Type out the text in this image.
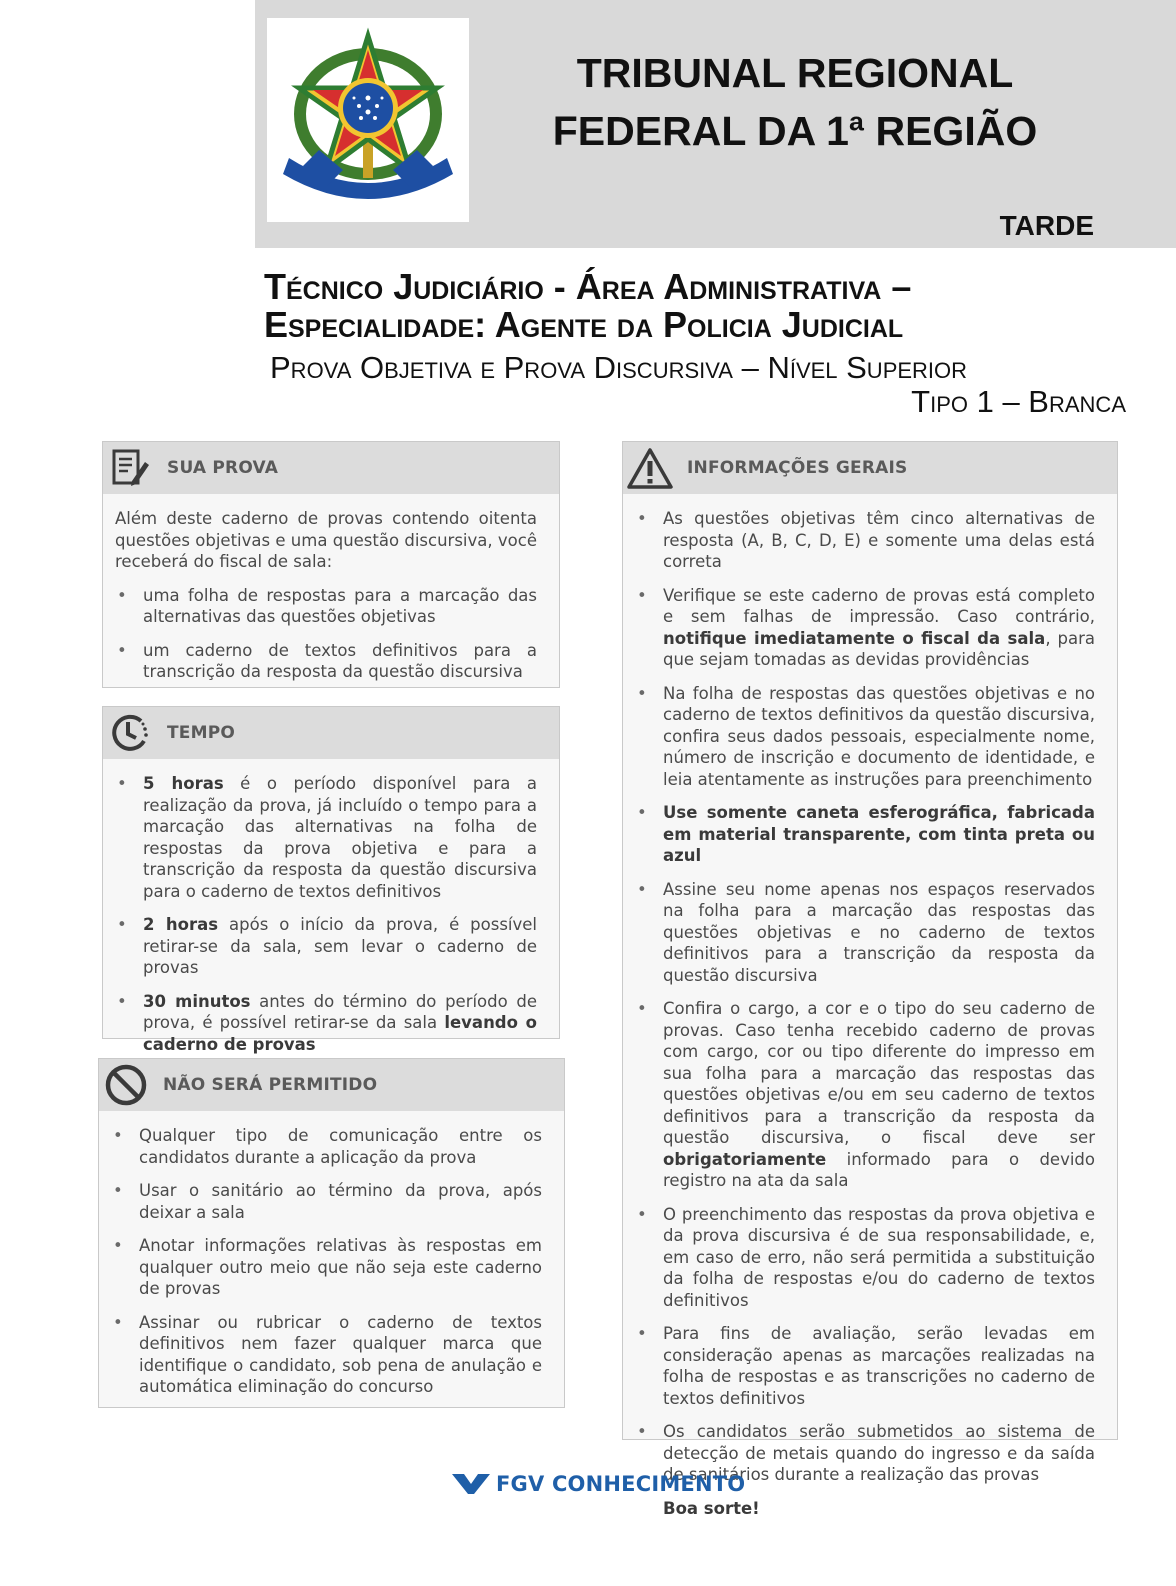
TRIBUNAL REGIONAL
FEDERAL DA 1ª REGIÃO
TARDE
Técnico Judiciário - Área Administrativa –
Especialidade: Agente da Policia Judicial
Prova Objetiva e Prova Discursiva – Nível Superior
Tipo 1 – Branca
SUA PROVA

Além deste caderno de provas contendo oitenta questões objetivas e uma questão discursiva, você receberá do fiscal de sala:

• uma folha de respostas para a marcação das alternativas das questões objetivas
• um caderno de textos definitivos para a transcrição da resposta da questão discursiva
TEMPO
• 5 horas é o período disponível para a realização da prova, já incluído o tempo para a marcação das alternativas na folha de respostas da prova objetiva e para a transcrição da resposta da questão discursiva para o caderno de textos definitivos
• 2 horas após o início da prova, é possível retirar-se da sala, sem levar o caderno de provas
• 30 minutos antes do término do período de prova, é possível retirar-se da sala levando o caderno de provas
NÃO SERÁ PERMITIDO
• Qualquer tipo de comunicação entre os candidatos durante a aplicação da prova
• Usar o sanitário ao término da prova, após deixar a sala
• Anotar informações relativas às respostas em qualquer outro meio que não seja este caderno de provas
• Assinar ou rubricar o caderno de textos definitivos nem fazer qualquer marca que identifique o candidato, sob pena de anulação e automática eliminação do concurso
INFORMAÇÕES GERAIS
• As questões objetivas têm cinco alternativas de resposta (A, B, C, D, E) e somente uma delas está correta
• Verifique se este caderno de provas está completo e sem falhas de impressão. Caso contrário, notifique imediatamente o fiscal da sala, para que sejam tomadas as devidas providências
• Na folha de respostas das questões objetivas e no caderno de textos definitivos da questão discursiva, confira seus dados pessoais, especialmente nome, número de inscrição e documento de identidade, e leia atentamente as instruções para preenchimento
• Use somente caneta esferográfica, fabricada em material transparente, com tinta preta ou azul
• Assine seu nome apenas nos espaços reservados na folha para a marcação das respostas das questões objetivas e no caderno de textos definitivos para a transcrição da resposta da questão discursiva
• Confira o cargo, a cor e o tipo do seu caderno de provas. Caso tenha recebido caderno de provas com cargo, cor ou tipo diferente do impresso em sua folha para a marcação das respostas das questões objetivas e/ou em seu caderno de textos definitivos para a transcrição da resposta da questão discursiva, o fiscal deve ser obrigatoriamente informado para o devido registro na ata da sala
• O preenchimento das respostas da prova objetiva e da prova discursiva é de sua responsabilidade, e, em caso de erro, não será permitida a substituição da folha de respostas e/ou do caderno de textos definitivos
• Para fins de avaliação, serão levadas em consideração apenas as marcações realizadas na folha de respostas e as transcrições no caderno de textos definitivos
• Os candidatos serão submetidos ao sistema de detecção de metais quando do ingresso e da saída de sanitários durante a realização das provas
Boa sorte!
FGV CONHECIMENTO
